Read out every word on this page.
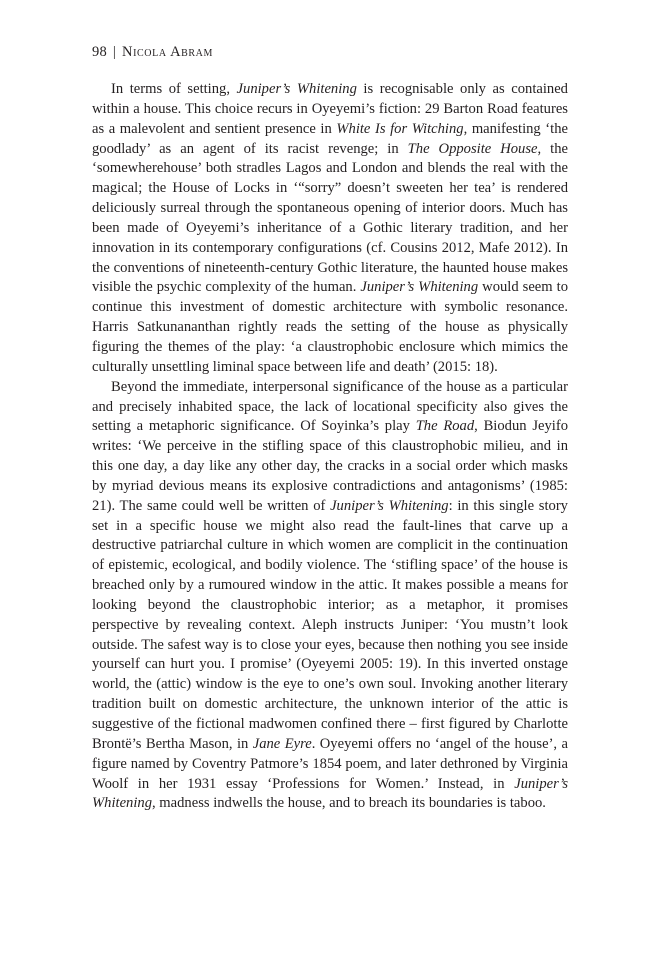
98 | Nicola Abram

In terms of setting, Juniper’s Whitening is recognisable only as contained within a house. This choice recurs in Oyeyemi’s fiction: 29 Barton Road features as a malevolent and sentient presence in White Is for Witching, manifesting ‘the goodlady’ as an agent of its racist revenge; in The Opposite House, the ‘somewherehouse’ both stradles Lagos and London and blends the real with the magical; the House of Locks in ‘“sorry” doesn’t sweeten her tea’ is rendered deliciously surreal through the spontaneous opening of interior doors. Much has been made of Oyeyemi’s inheritance of a Gothic literary tradition, and her innovation in its contemporary configurations (cf. Cousins 2012, Mafe 2012). In the conventions of nineteenth-century Gothic literature, the haunted house makes visible the psychic complexity of the human. Juniper’s Whitening would seem to continue this investment of domestic architecture with symbolic resonance. Harris Satkunananthan rightly reads the setting of the house as physically figuring the themes of the play: ‘a claustrophobic enclosure which mimics the culturally unsettling liminal space between life and death’ (2015: 18).

Beyond the immediate, interpersonal significance of the house as a particular and precisely inhabited space, the lack of locational specificity also gives the setting a metaphoric significance. Of Soyinka’s play The Road, Biodun Jeyifo writes: ‘We perceive in the stifling space of this claustrophobic milieu, and in this one day, a day like any other day, the cracks in a social order which masks by myriad devious means its explosive contradictions and antagonisms’ (1985: 21). The same could well be written of Juniper’s Whitening: in this single story set in a specific house we might also read the fault-lines that carve up a destructive patriarchal culture in which women are complicit in the continuation of epistemic, ecological, and bodily violence. The ‘stifling space’ of the house is breached only by a rumoured window in the attic. It makes possible a means for looking beyond the claustrophobic interior; as a metaphor, it promises perspective by revealing context. Aleph instructs Juniper: ‘You mustn’t look outside. The safest way is to close your eyes, because then nothing you see inside yourself can hurt you. I promise’ (Oyeyemi 2005: 19). In this inverted onstage world, the (attic) window is the eye to one’s own soul. Invoking another literary tradition built on domestic architecture, the unknown interior of the attic is suggestive of the fictional madwomen confined there – first figured by Charlotte Brontë’s Bertha Mason, in Jane Eyre. Oyeyemi offers no ‘angel of the house’, a figure named by Coventry Patmore’s 1854 poem, and later dethroned by Virginia Woolf in her 1931 essay ‘Professions for Women.’ Instead, in Juniper’s Whitening, madness indwells the house, and to breach its boundaries is taboo.
